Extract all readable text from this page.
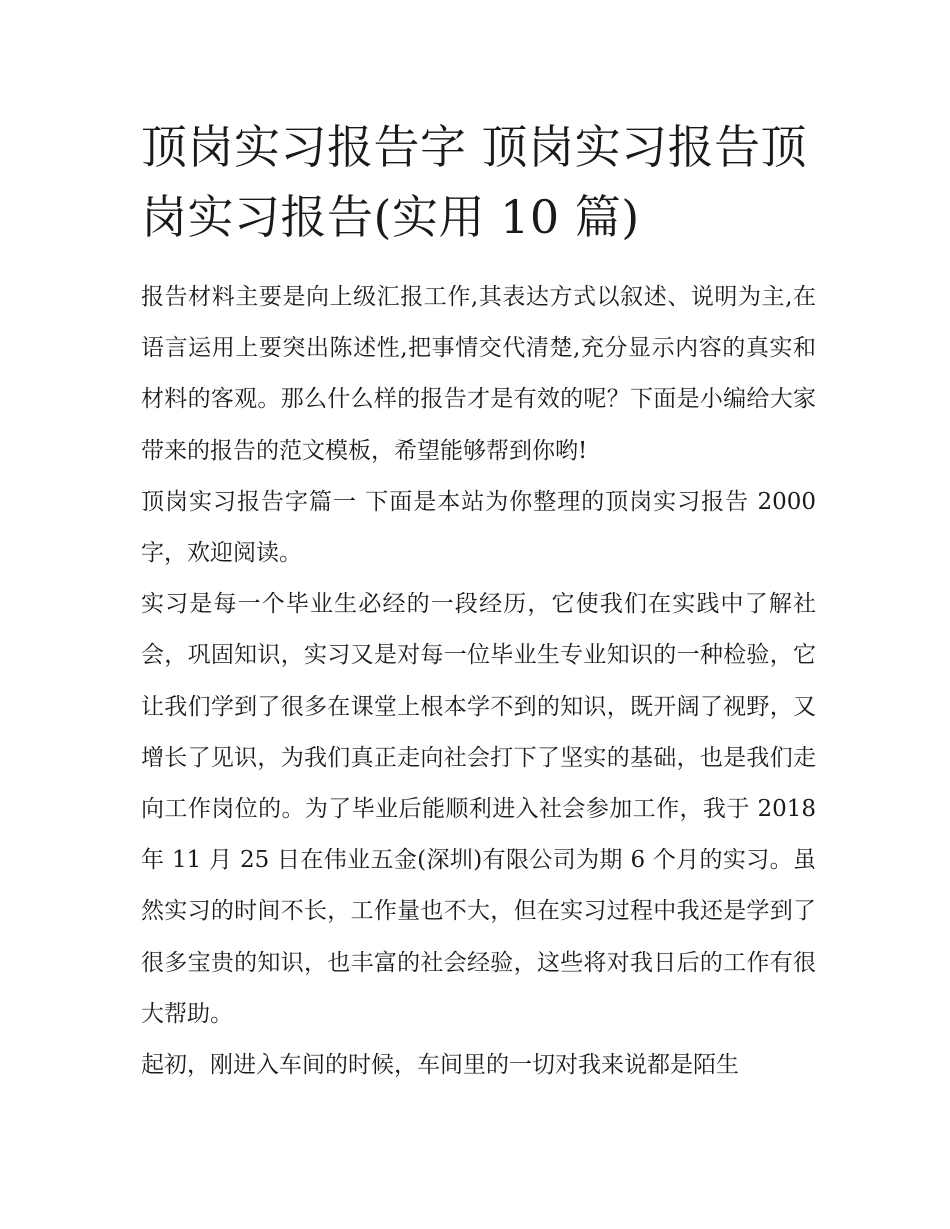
顶岗实习报告字 顶岗实习报告顶岗实习报告(实用 10 篇)

报告材料主要是向上级汇报工作,其表达方式以叙述、说明为主,在语言运用上要突出陈述性,把事情交代清楚,充分显示内容的真实和材料的客观。那么什么样的报告才是有效的呢？下面是小编给大家带来的报告的范文模板，希望能够帮到你哟!

顶岗实习报告字篇一 下面是本站为你整理的顶岗实习报告 2000 字，欢迎阅读。

实习是每一个毕业生必经的一段经历，它使我们在实践中了解社会，巩固知识，实习又是对每一位毕业生专业知识的一种检验，它让我们学到了很多在课堂上根本学不到的知识，既开阔了视野，又增长了见识，为我们真正走向社会打下了坚实的基础，也是我们走向工作岗位的。为了毕业后能顺利进入社会参加工作，我于 2018 年 11 月 25 日在伟业五金(深圳)有限公司为期 6 个月的实习。虽然实习的时间不长，工作量也不大，但在实习过程中我还是学到了很多宝贵的知识，也丰富的社会经验，这些将对我日后的工作有很大帮助。

起初，刚进入车间的时候，车间里的一切对我来说都是陌生
